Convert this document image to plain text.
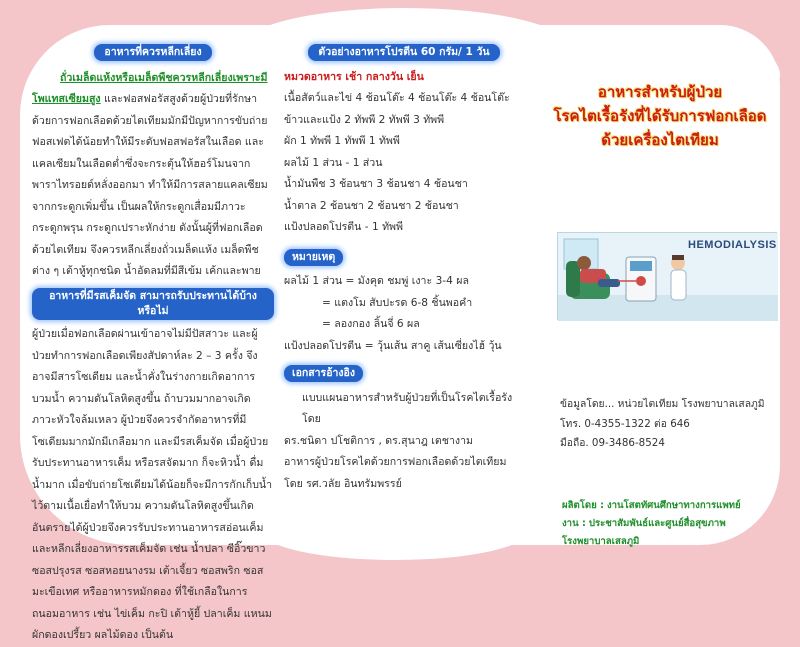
อาหารที่ควรหลีกเลี่ยง
ถั่วเมล็ดแห้งหรือเมล็ดพืชควรหลีกเลี่ยงเพราะมีโพแทสเซียมสูง และฟอสฟอรัสสูงด้วยผู้ป่วยที่รักษาด้วยการฟอกเลือดด้วยไตเทียมมักมีปัญหาการขับถ่ายฟอสเฟตได้น้อยทำให้มีระดับฟอสฟอรัสในเลือด และแคลเซียมในเลือดต่ำซึ่งจะกระตุ้นให้ฮอร์โมนจากพาราไทรอยด์หลั่งออกมา ทำให้มีการสลายแคลเซียมจากกระดูกเพิ่มขึ้น เป็นผลให้กระดูกเสื่อมมีภาวะกระดูกพรุน กระดูกเปราะหักง่าย ดังนั้นผู้ที่ฟอกเลือดด้วยไตเทียม จึงควรหลีกเลี่ยงถั่วเมล็ดแห้ง เมล็ดพืชต่าง ๆ เต้าหู้ทุกชนิด น้ำอัดลมที่มีสีเข้ม เค้กและพาย
อาหารที่มีรสเค็มจัด สามารถรับประทานได้บ้าง หรือไม่
ผู้ป่วยเมื่อฟอกเลือดผ่านเข้าอาจไม่มีปัสสาวะ และผู้ป่วยทำการฟอกเลือดเพียงสัปดาห์ละ 2 – 3 ครั้ง จึงอาจมีสารโซเดียม และน้ำคั่งในร่างกายเกิดอาการบวมน้ำ ความดันโลหิตสูงขึ้น ถ้าบวมมากอาจเกิดภาวะหัวใจล้มเหลว ผู้ป่วยจึงควรจำกัดอาหารที่มีโซเดียมมากมักมีเกลือมาก และมีรสเค็มจัด เมื่อผู้ป่วยรับประทานอาหารเค็ม หรือรสจัดมาก ก็จะหิวน้ำ ดื่มน้ำมาก เมื่อขับถ่ายโซเดียมได้น้อยก็จะมีการกักเก็บน้ำไว้ตามเนื้อเยื่อทำให้บวม ความดันโลหิตสูงขึ้นเกิดอันตรายได้ผู้ป่วยจึงควรรับประทานอาหารสอ่อนเค็มและหลีกเลี่ยงอาหารรสเค็มจัด เช่น น้ำปลา ซีอิ๊วขาว ซอสปรุงรส ซอสหอยนางรม เต้าเจี้ยว ซอสพริก ซอสมะเขือเทศ หรืออาหารหมักดอง ที่ใช้เกลือในการถนอมอาหาร เช่น ไข่เค็ม กะปิ เต้าหู้ยี้ ปลาเค็ม แหนม ผักดองเปรี้ยว ผลไม้ดอง เป็นต้น
ตัวอย่างอาหารโปรตีน 60 กรัม/ 1 วัน
หมวดอาหาร เช้า กลางวัน เย็น
เนื้อสัตว์และไข่ 4 ช้อนโต๊ะ 4 ช้อนโต๊ะ 4 ช้อนโต๊ะ
ข้าวและแป้ง 2 ทัพพี 2 ทัพพี 3 ทัพพี
ผัก 1 ทัพพี 1 ทัพพี 1 ทัพพี
ผลไม้ 1 ส่วน - 1 ส่วน
น้ำมันพืช 3 ช้อนชา 3 ช้อนชา 4 ช้อนชา
น้ำตาล 2 ช้อนชา 2 ช้อนชา 2 ช้อนชา
แป้งปลอดโปรตีน - 1 ทัพพี
หมายเหตุ
ผลไม้ 1 ส่วน = มังคุด ชมพู่ เงาะ 3-4 ผล
= แตงโม สับปะรด 6-8 ชิ้นพอคำ
= ลองกอง ลิ้นจี่ 6 ผล
แป้งปลอดโปรตีน = วุ้นเส้น สาคู เส้นเซี่ยงไฮ้ วุ้น
เอกสารอ้างอิง
แบบแผนอาหารสำหรับผู้ป่วยที่เป็นโรคไตเรื้อรัง โดย
ดร.ชนิดา ปโชติการ , ดร.สุนาฎ เตชางาม
อาหารผู้ป่วยโรคไตด้วยการฟอกเลือดด้วยไตเทียม
โดย รศ.วลัย อินทรัมพรรย์
อาหารสำหรับผู้ป่วย
โรคไตเรื้อรังที่ได้รับการฟอกเลือด
ด้วยเครื่องไตเทียม
HEMODIALYSIS
ข้อมูลโดย... หน่วยไตเทียม โรงพยาบาลเสลภูมิ
โทร. 0-4355-1322 ต่อ 646
มือถือ. 09-3486-8524
ผลิตโดย : งานโสตทัศนศึกษาทางการแพทย์
งาน : ประชาสัมพันธ์และศูนย์สื่อสุขภาพ
โรงพยาบาลเสลภูมิ
